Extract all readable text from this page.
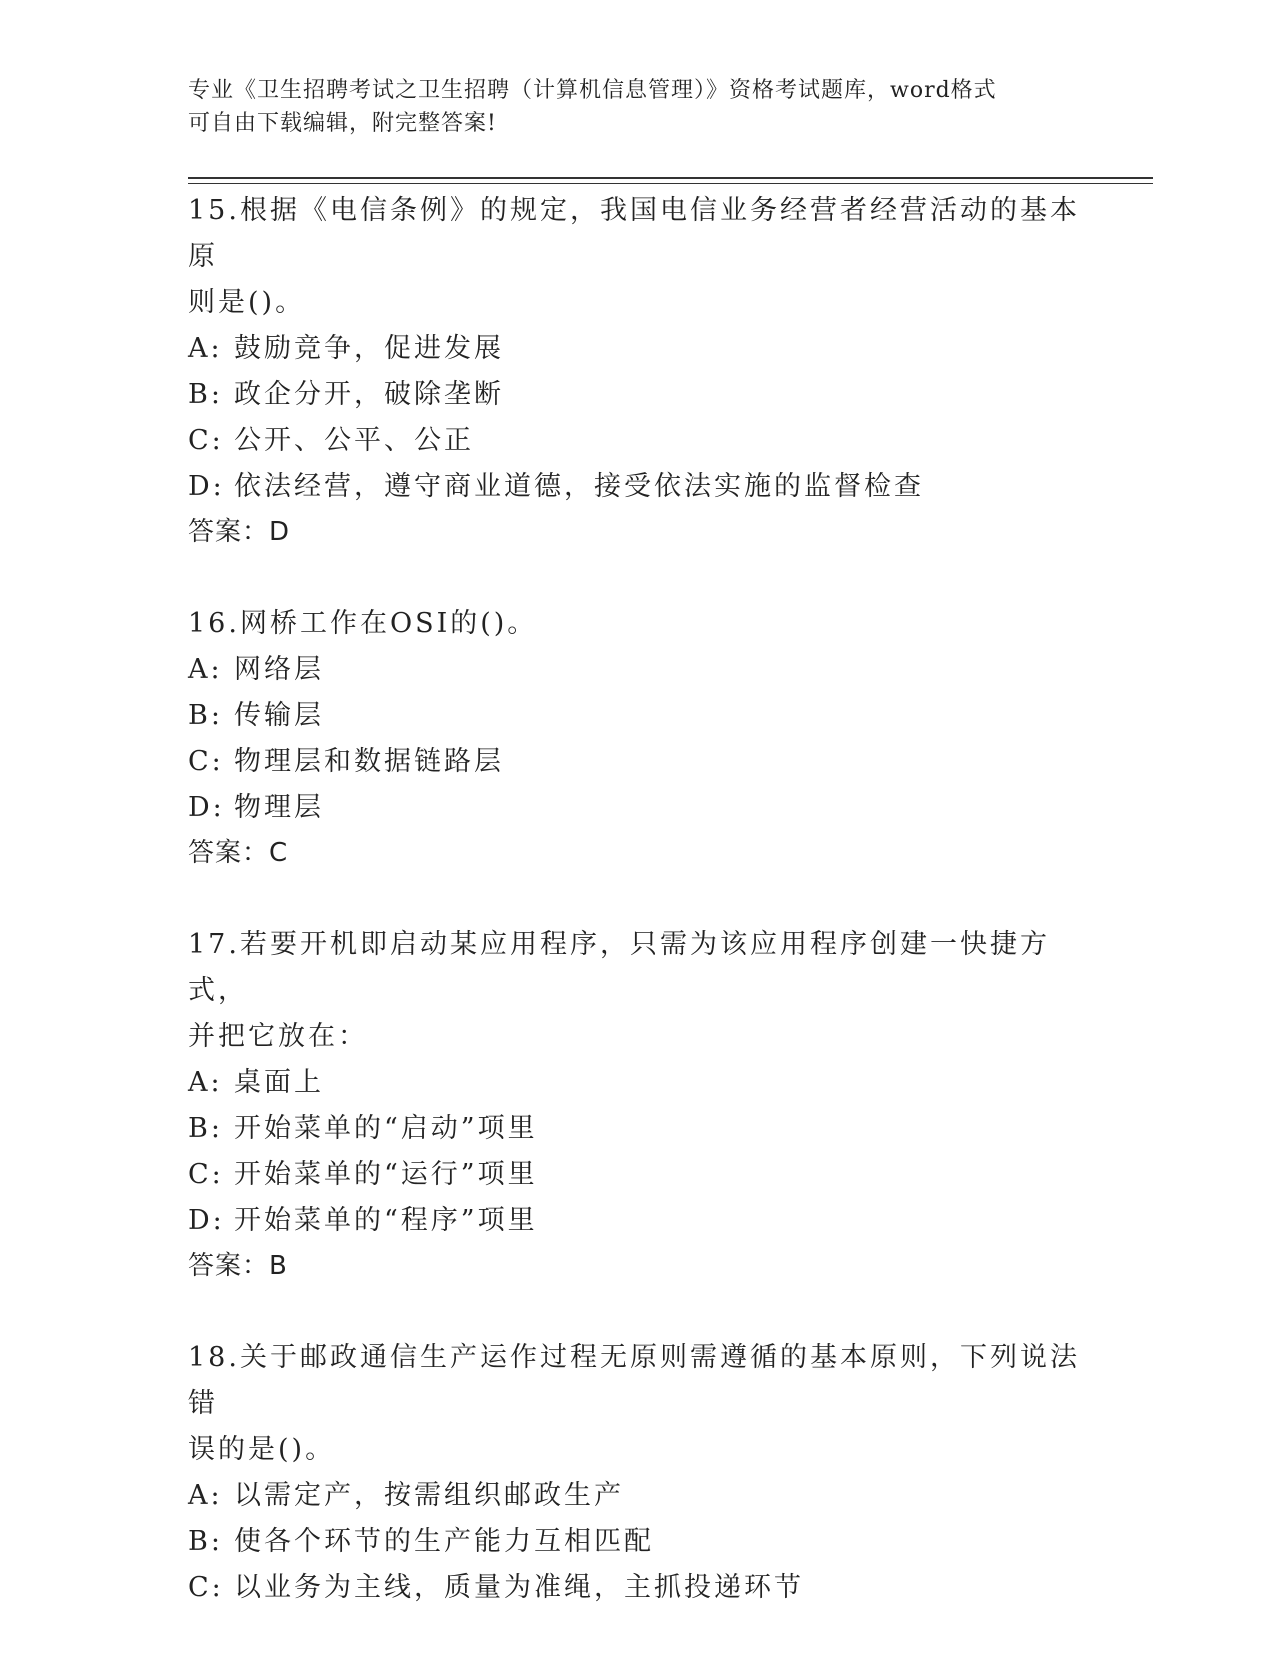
专业《卫生招聘考试之卫生招聘（计算机信息管理）》资格考试题库，word格式
可自由下载编辑，附完整答案!
15.根据《电信条例》的规定，我国电信业务经营者经营活动的基本原
则是()。
A: 鼓励竞争，促进发展
B: 政企分开，破除垄断
C: 公开、公平、公正
D: 依法经营，遵守商业道德，接受依法实施的监督检查
答案：D
16.网桥工作在OSI的()。
A: 网络层
B: 传输层
C: 物理层和数据链路层
D: 物理层
答案：C
17.若要开机即启动某应用程序，只需为该应用程序创建一快捷方式，
并把它放在：
A: 桌面上
B: 开始菜单的“启动”项里
C: 开始菜单的“运行”项里
D: 开始菜单的“程序”项里
答案：B
18.关于邮政通信生产运作过程无原则需遵循的基本原则，下列说法错
误的是()。
A: 以需定产，按需组织邮政生产
B: 使各个环节的生产能力互相匹配
C: 以业务为主线，质量为准绳，主抓投递环节
